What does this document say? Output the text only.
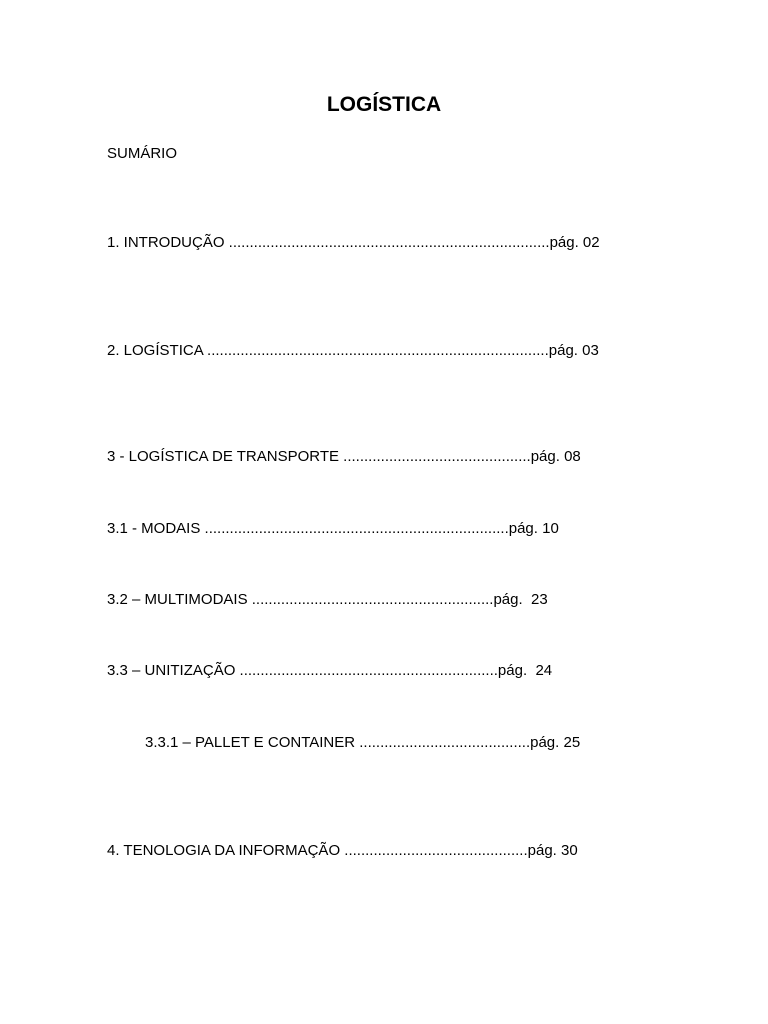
LOGÍSTICA
SUMÁRIO
1. INTRODUÇÃO .............................................................................pág. 02
2. LOGÍSTICA ..................................................................................pág. 03
3 - LOGÍSTICA DE TRANSPORTE .............................................pág. 08
3.1 - MODAIS .........................................................................pág. 10
3.2 – MULTIMODAIS ..........................................................pág.  23
3.3 – UNITIZAÇÃO ..............................................................pág.  24
3.3.1 – PALLET E CONTAINER .........................................pág. 25
4. TENOLOGIA DA INFORMAÇÃO ............................................pág. 30
